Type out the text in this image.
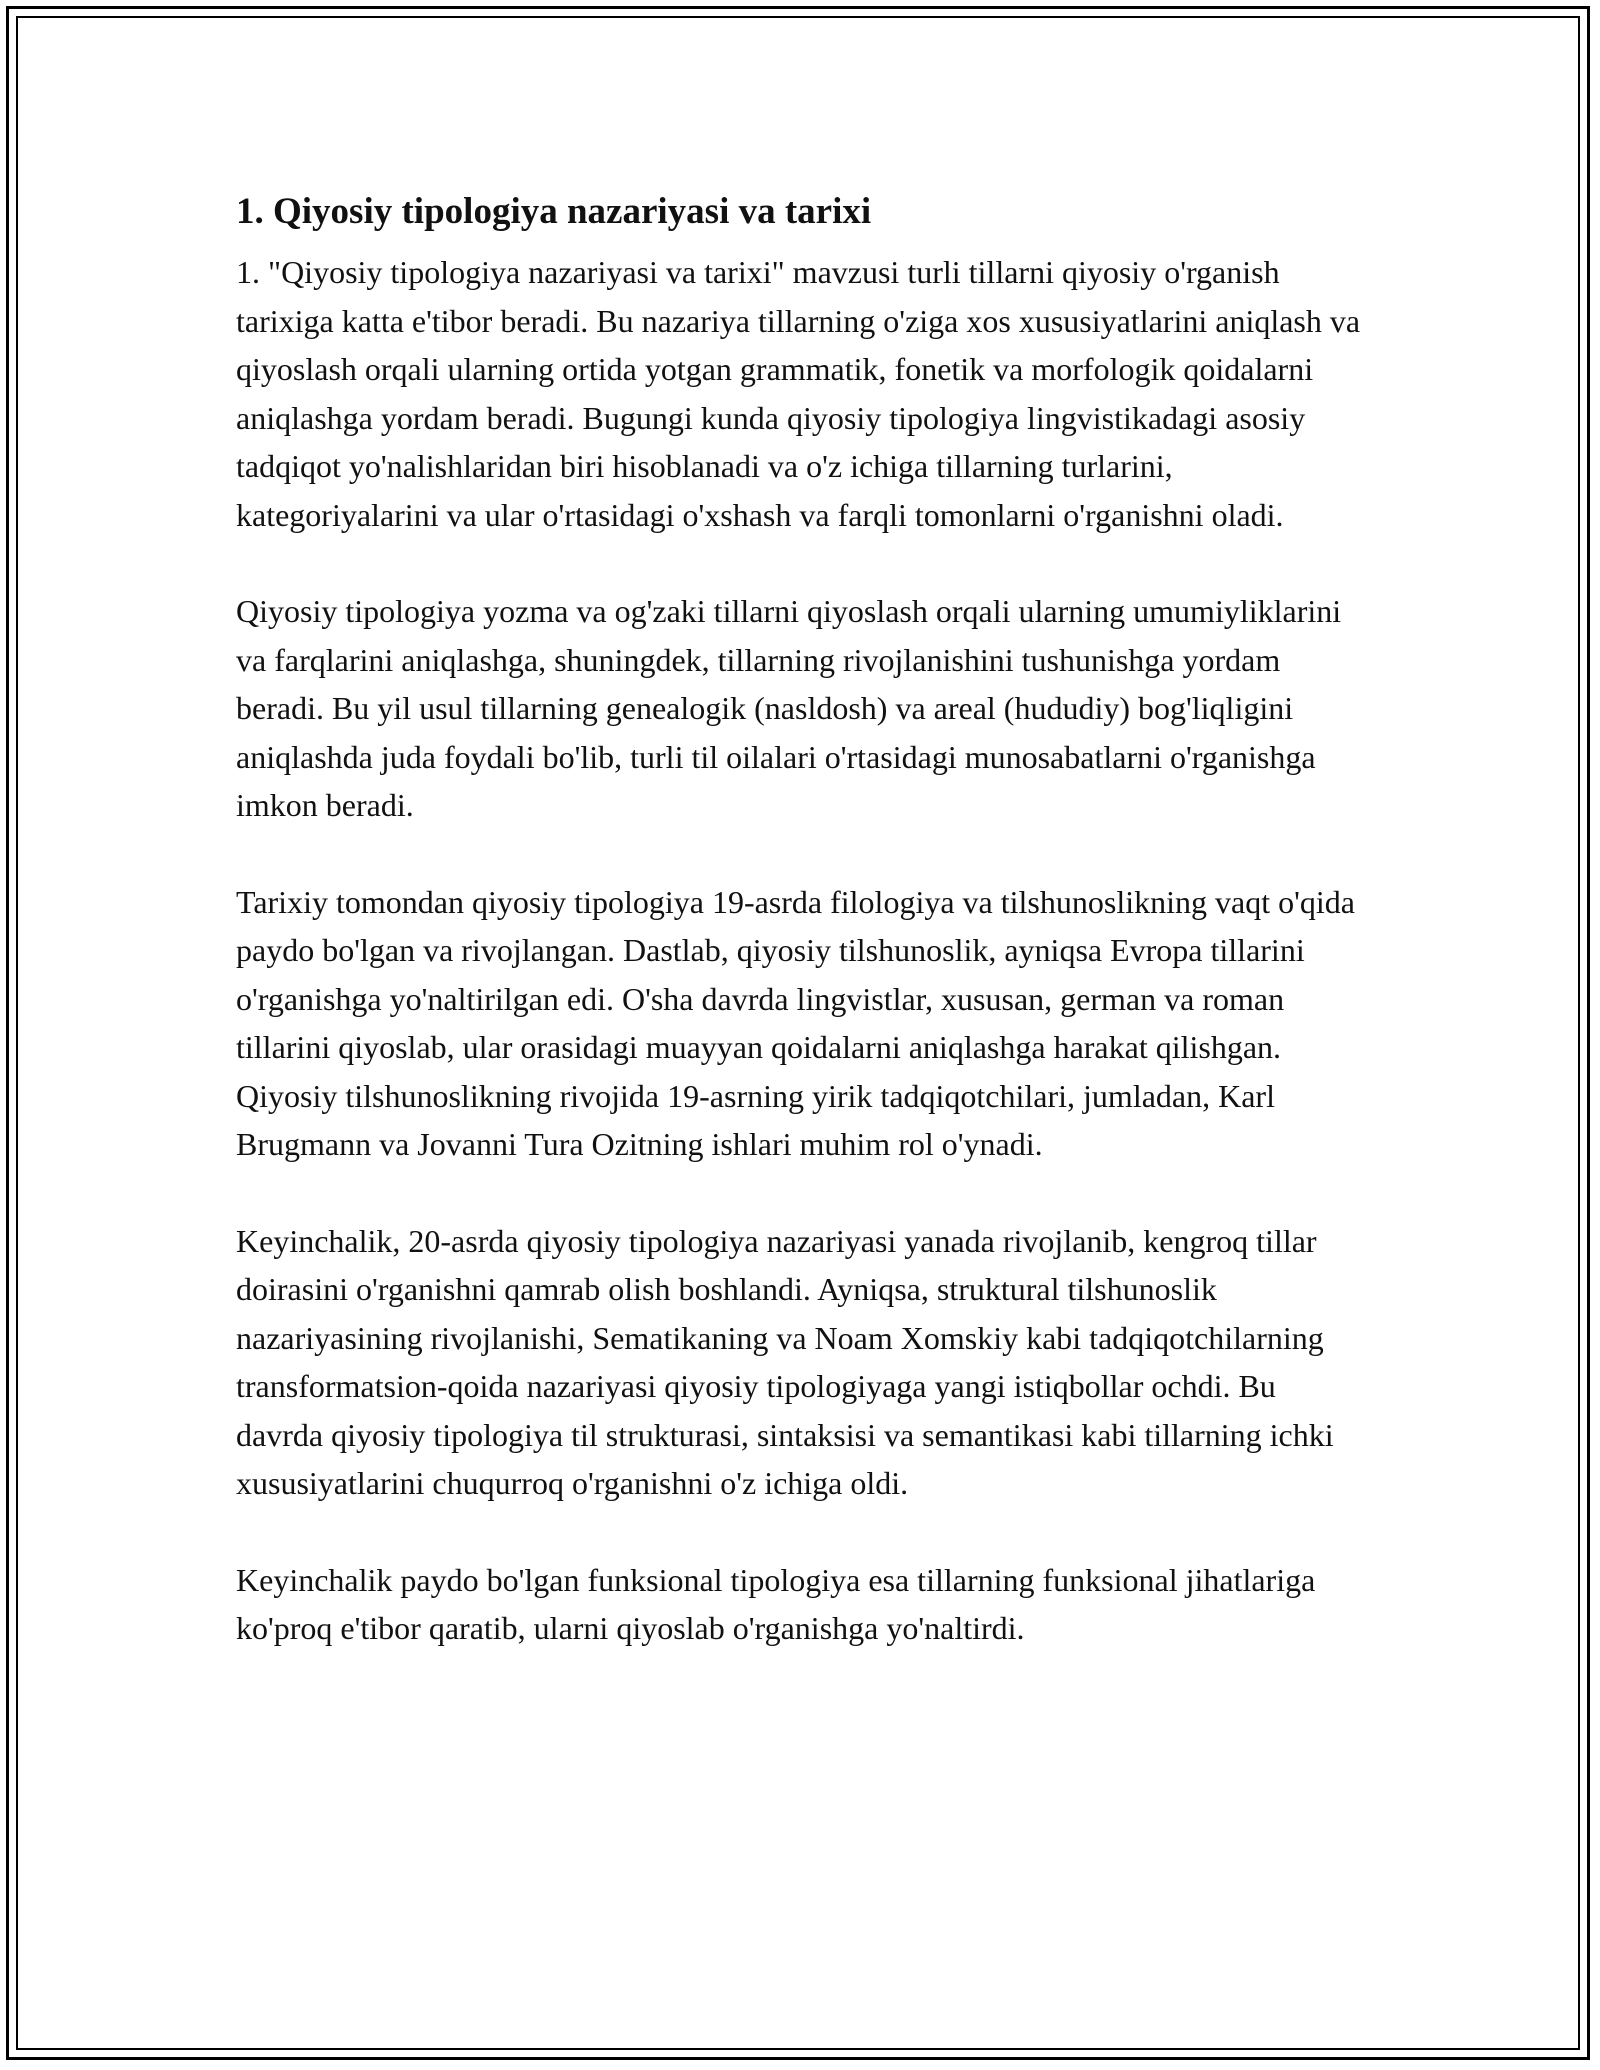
1. Qiyosiy tipologiya nazariyasi va tarixi

1. "Qiyosiy tipologiya nazariyasi va tarixi" mavzusi turli tillarni qiyosiy o'rganish tarixiga katta e'tibor beradi. Bu nazariya tillarning o'ziga xos xususiyatlarini aniqlash va qiyoslash orqali ularning ortida yotgan grammatik, fonetik va morfologik qoidalarni aniqlashga yordam beradi. Bugungi kunda qiyosiy tipologiya lingvistikadagi asosiy tadqiqot yo'nalishlaridan biri hisoblanadi va o'z ichiga tillarning turlarini, kategoriyalarini va ular o'rtasidagi o'xshash va farqli tomonlarni o'rganishni oladi.

Qiyosiy tipologiya yozma va og'zaki tillarni qiyoslash orqali ularning umumiyliklarini va farqlarini aniqlashga, shuningdek, tillarning rivojlanishini tushunishga yordam beradi. Bu yil usul tillarning genealogik (nasldosh) va areal (hududiy) bog'liqligini aniqlashda juda foydali bo'lib, turli til oilalari o'rtasidagi munosabatlarni o'rganishga imkon beradi.

Tarixiy tomondan qiyosiy tipologiya 19-asrda filologiya va tilshunoslikning vaqt o'qida paydo bo'lgan va rivojlangan. Dastlab, qiyosiy tilshunoslik, ayniqsa Evropa tillarini o'rganishga yo'naltirilgan edi. O'sha davrda lingvistlar, xususan, german va roman tillarini qiyoslab, ular orasidagi muayyan qoidalarni aniqlashga harakat qilishgan. Qiyosiy tilshunoslikning rivojida 19-asrning yirik tadqiqotchilari, jumladan, Karl Brugmann va Jovanni Tura Ozitning ishlari muhim rol o'ynadi.

Keyinchalik, 20-asrda qiyosiy tipologiya nazariyasi yanada rivojlanib, kengroq tillar doirasini o'rganishni qamrab olish boshlandi. Ayniqsa, struktural tilshunoslik nazariyasining rivojlanishi, Sematikaning va Noam Xomskiy kabi tadqiqotchilarning transformatsion-qoida nazariyasi qiyosiy tipologiyaga yangi istiqbollar ochdi. Bu davrda qiyosiy tipologiya til strukturasi, sintaksisi va semantikasi kabi tillarning ichki xususiyatlarini chuqurroq o'rganishni o'z ichiga oldi.

Keyinchalik paydo bo'lgan funksional tipologiya esa tillarning funksional jihatlariga ko'proq e'tibor qaratib, ularni qiyoslab o'rganishga yo'naltirdi.
